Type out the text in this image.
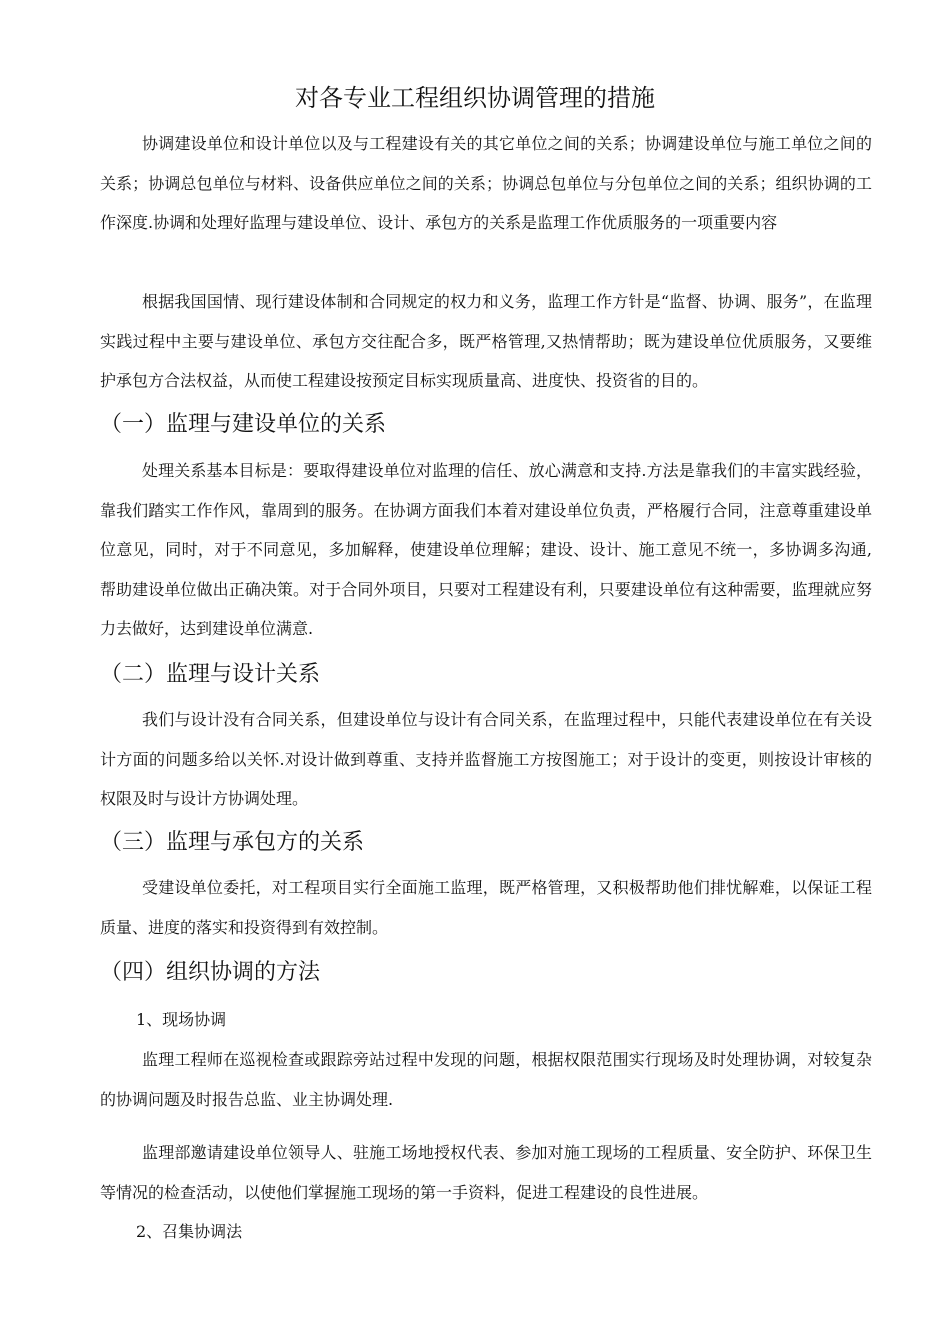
对各专业工程组织协调管理的措施

协调建设单位和设计单位以及与工程建设有关的其它单位之间的关系；协调建设单位与施工单位之间的关系；协调总包单位与材料、设备供应单位之间的关系；协调总包单位与分包单位之间的关系；组织协调的工作深度.协调和处理好监理与建设单位、设计、承包方的关系是监理工作优质服务的一项重要内容

根据我国国情、现行建设体制和合同规定的权力和义务，监理工作方针是“监督、协调、服务”，在监理实践过程中主要与建设单位、承包方交往配合多，既严格管理,又热情帮助；既为建设单位优质服务，又要维护承包方合法权益，从而使工程建设按预定目标实现质量高、进度快、投资省的目的。

（一）监理与建设单位的关系

处理关系基本目标是：要取得建设单位对监理的信任、放心满意和支持.方法是靠我们的丰富实践经验，靠我们踏实工作作风，靠周到的服务。在协调方面我们本着对建设单位负责，严格履行合同，注意尊重建设单位意见，同时，对于不同意见，多加解释，使建设单位理解；建设、设计、施工意见不统一，多协调多沟通,帮助建设单位做出正确决策。对于合同外项目，只要对工程建设有利，只要建设单位有这种需要，监理就应努力去做好，达到建设单位满意.

（二）监理与设计关系

我们与设计没有合同关系，但建设单位与设计有合同关系，在监理过程中，只能代表建设单位在有关设计方面的问题多给以关怀.对设计做到尊重、支持并监督施工方按图施工；对于设计的变更，则按设计审核的权限及时与设计方协调处理。

（三）监理与承包方的关系

受建设单位委托，对工程项目实行全面施工监理，既严格管理，又积极帮助他们排忧解难，以保证工程质量、进度的落实和投资得到有效控制。

（四）组织协调的方法

1、现场协调

监理工程师在巡视检查或跟踪旁站过程中发现的问题，根据权限范围实行现场及时处理协调，对较复杂的协调问题及时报告总监、业主协调处理.

监理部邀请建设单位领导人、驻施工场地授权代表、参加对施工现场的工程质量、安全防护、环保卫生等情况的检查活动，以使他们掌握施工现场的第一手资料，促进工程建设的良性进展。

2、召集协调法
